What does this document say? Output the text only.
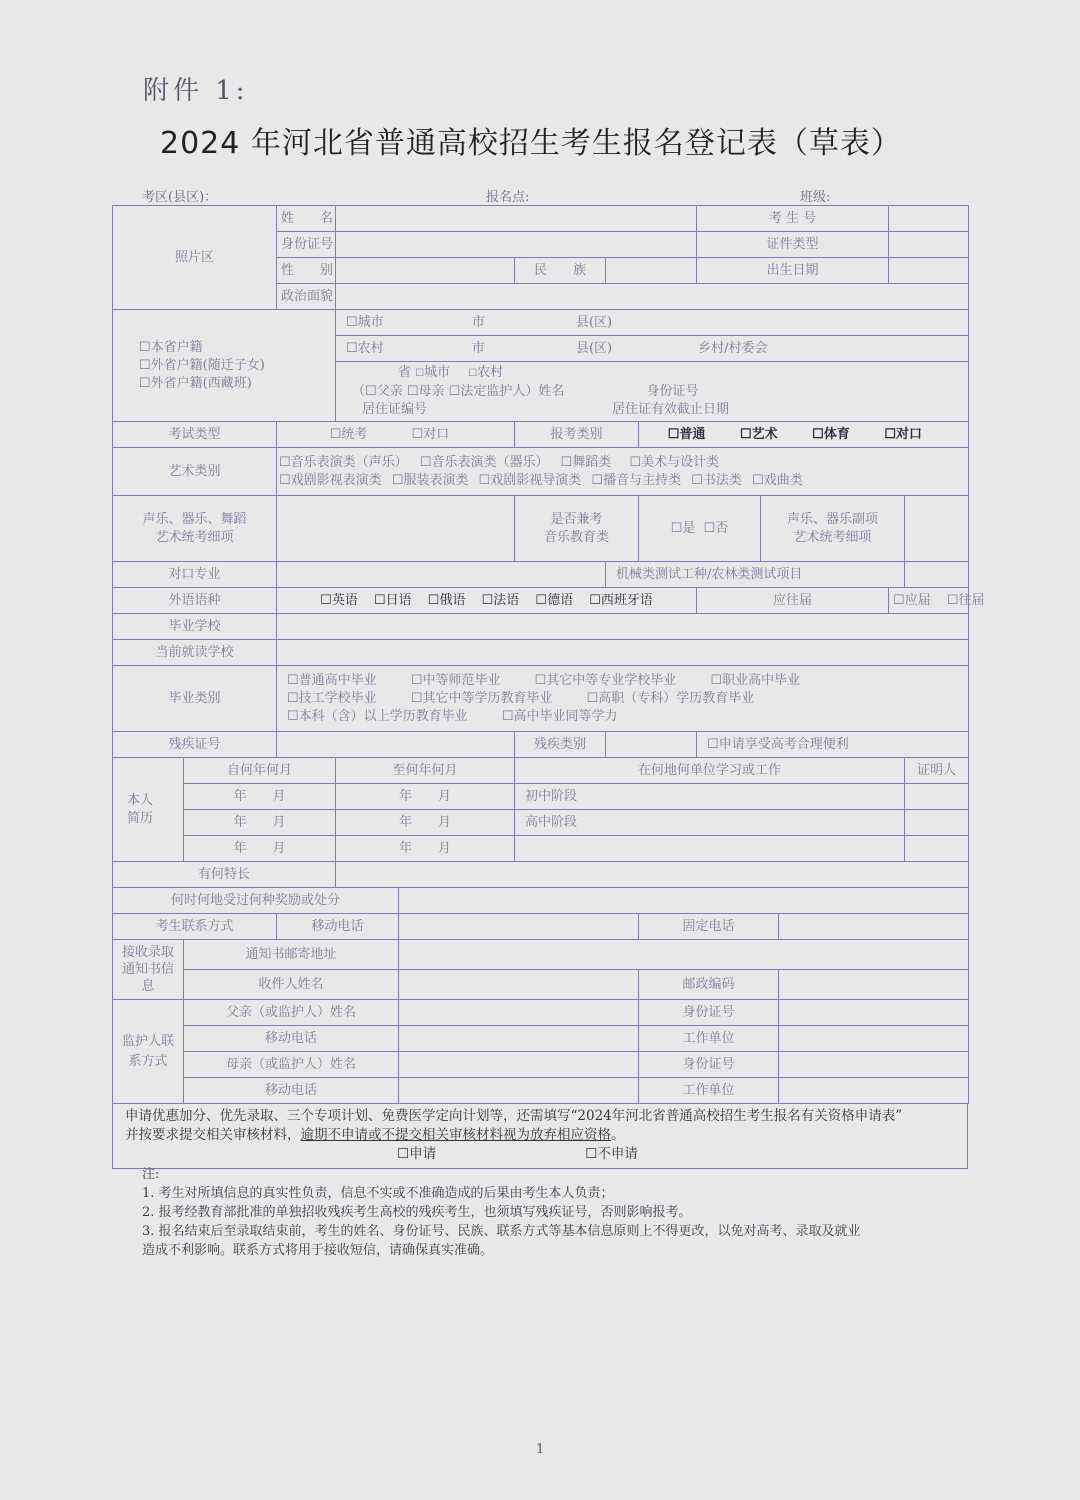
附件 1:
2024 年河北省普通高校招生考生报名登记表（草表）
考区(县区)：	报名点:	班级:
照片区		姓　　名						考 生 号				
		身份证号						证件类型				
		性　　别			民　　族			出生日期				
		政治面貌										

☐ 本省户籍
☐ 外省户籍(随迁子女)
☐ 外省户籍(西藏班)
	☐ 城市 市 县(区)
☐ 农村 市 县(区) 乡村/村委会

			省 ☐城市 ☐农村
（ ☐ 父亲 ☐ 母亲 ☐ 法定监护人）姓名 身份证号
居住证编号 居住证有效截止日期

考试类型	☐统考 ☐ 对口			报考类别	☐普通 ☐ 艺术 ☐ 体育 ☐ 对口
艺术类别	
☐ 音乐表演类（声乐） ☐ 音乐表演类（器乐） ☐ 舞蹈类 ☐ 美术与设计类
☐ 戏剧影视表演类 ☐ 服装表演类 ☐ 戏剧影视导演类 ☐ 播音与主持类 ☐ 书法类 ☐ 戏曲类

声乐、器乐、舞蹈
艺术统考细项					是否兼考
音乐教育类	☐ 是 ☐ 否		声乐、器乐副项
艺术统考细项			
对口专业						机械类测试工种/农林类测试项目						
外语语种	☐英语 ☐ 日语 ☐ 俄语 ☐ 法语 ☐ 德语 ☐ 西班牙语						应往届	☐应届 ☐ 往届
毕业学校												
当前就读学校												
毕业类别	
☐ 普通高中毕业 ☐ 中等师范毕业 ☐ 其它中等专业学校毕业 ☐ 职业高中毕业
☐ 技工学校毕业 ☐ 其它中等学历教育毕业 ☐ 高职（专科）学历教育毕业
☐ 本科（含）以上学历教育毕业 ☐ 高中毕业同等学力

残疾证号					残疾类别		☐申请享受高考合理便利
本人
简历	自何年何月		至何年何月		在何地何单位学习或工作							证明人
	年　　月		年　　月		初中阶段							
	年　　月		年　　月		高中阶段							
	年　　月		年　　月									
有何特长												
何时何地受过何种奖励或处分												
考生联系方式		移动电话					固定电话					
接收录取
通知书信
息	通知书邮寄地址											
	收件人姓名						邮政编码					
监护人联
系方式	父亲（或监护人）姓名						身份证号					
	移动电话						工作单位					
	母亲（或监护人）姓名						身份证号					
	移动电话						工作单位					
申请优惠加分、优先录取、三个专项计划、免费医学定向计划等，还需填写“2024年河北省普通高校招生考生报名有关资格申请表”
并按要求提交相关审核材料，逾期不申请或不提交相关审核材料视为放弃相应资格。
☐ 申请 ☐	不申请
注:
1. 考生对所填信息的真实性负责，信息不实或不准确造成的后果由考生本人负责；
2. 报考经教育部批准的单独招收残疾考生高校的残疾考生，也须填写残疾证号，否则影响报考。
3. 报名结束后至录取结束前，考生的姓名、身份证号、民族、联系方式等基本信息原则上不得更改，以免对高考、录取及就业
造成不利影响。联系方式将用于接收短信，请确保真实准确。
1
